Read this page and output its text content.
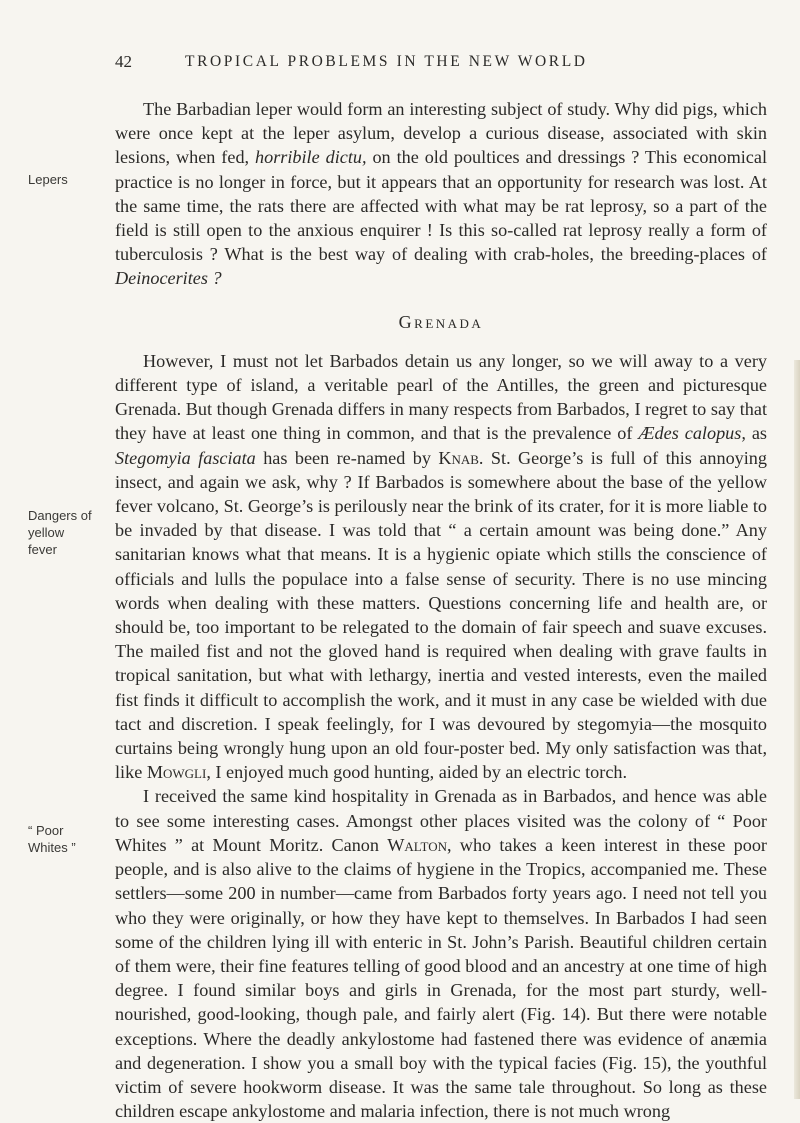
42	TROPICAL PROBLEMS IN THE NEW WORLD
Lepers
Dangers of
yellow
fever
“ Poor
Whites ”

The Barbadian leper would form an interesting subject of study. Why did pigs, which were once kept at the leper asylum, develop a curious disease, associated with skin lesions, when fed, horribile dictu, on the old poultices and dressings ? This economical practice is no longer in force, but it appears that an opportunity for research was lost. At the same time, the rats there are affected with what may be rat leprosy, so a part of the field is still open to the anxious enquirer ! Is this so-called rat leprosy really a form of tuberculosis ? What is the best way of dealing with crab-holes, the breeding-places of Deinocerites ?

Grenada

However, I must not let Barbados detain us any longer, so we will away to a very different type of island, a veritable pearl of the Antilles, the green and picturesque Grenada. But though Grenada differs in many respects from Barbados, I regret to say that they have at least one thing in common, and that is the prevalence of Ædes calopus, as Stegomyia fasciata has been re-named by Knab. St. George’s is full of this annoying insect, and again we ask, why ? If Barbados is somewhere about the base of the yellow fever volcano, St. George’s is perilously near the brink of its crater, for it is more liable to be invaded by that disease. I was told that “ a certain amount was being done.” Any sanitarian knows what that means. It is a hygienic opiate which stills the conscience of officials and lulls the populace into a false sense of security. There is no use mincing words when dealing with these matters. Questions concerning life and health are, or should be, too important to be relegated to the domain of fair speech and suave excuses. The mailed fist and not the gloved hand is required when dealing with grave faults in tropical sanitation, but what with lethargy, inertia and vested interests, even the mailed fist finds it difficult to accomplish the work, and it must in any case be wielded with due tact and discretion. I speak feelingly, for I was devoured by stegomyia—the mosquito curtains being wrongly hung upon an old four-poster bed. My only satisfaction was that, like Mowgli, I enjoyed much good hunting, aided by an electric torch.

I received the same kind hospitality in Grenada as in Barbados, and hence was able to see some interesting cases. Amongst other places visited was the colony of “ Poor Whites ” at Mount Moritz. Canon Walton, who takes a keen interest in these poor people, and is also alive to the claims of hygiene in the Tropics, accompanied me. These settlers—some 200 in number—came from Barbados forty years ago. I need not tell you who they were originally, or how they have kept to themselves. In Barbados I had seen some of the children lying ill with enteric in St. John’s Parish. Beautiful children certain of them were, their fine features telling of good blood and an ancestry at one time of high degree. I found similar boys and girls in Grenada, for the most part sturdy, well-nourished, good-looking, though pale, and fairly alert (Fig. 14). But there were notable exceptions. Where the deadly ankylostome had fastened there was evidence of anæmia and degeneration. I show you a small boy with the typical facies (Fig. 15), the youthful victim of severe hookworm disease. It was the same tale throughout. So long as these children escape ankylostome and malaria infection, there is not much wrong
